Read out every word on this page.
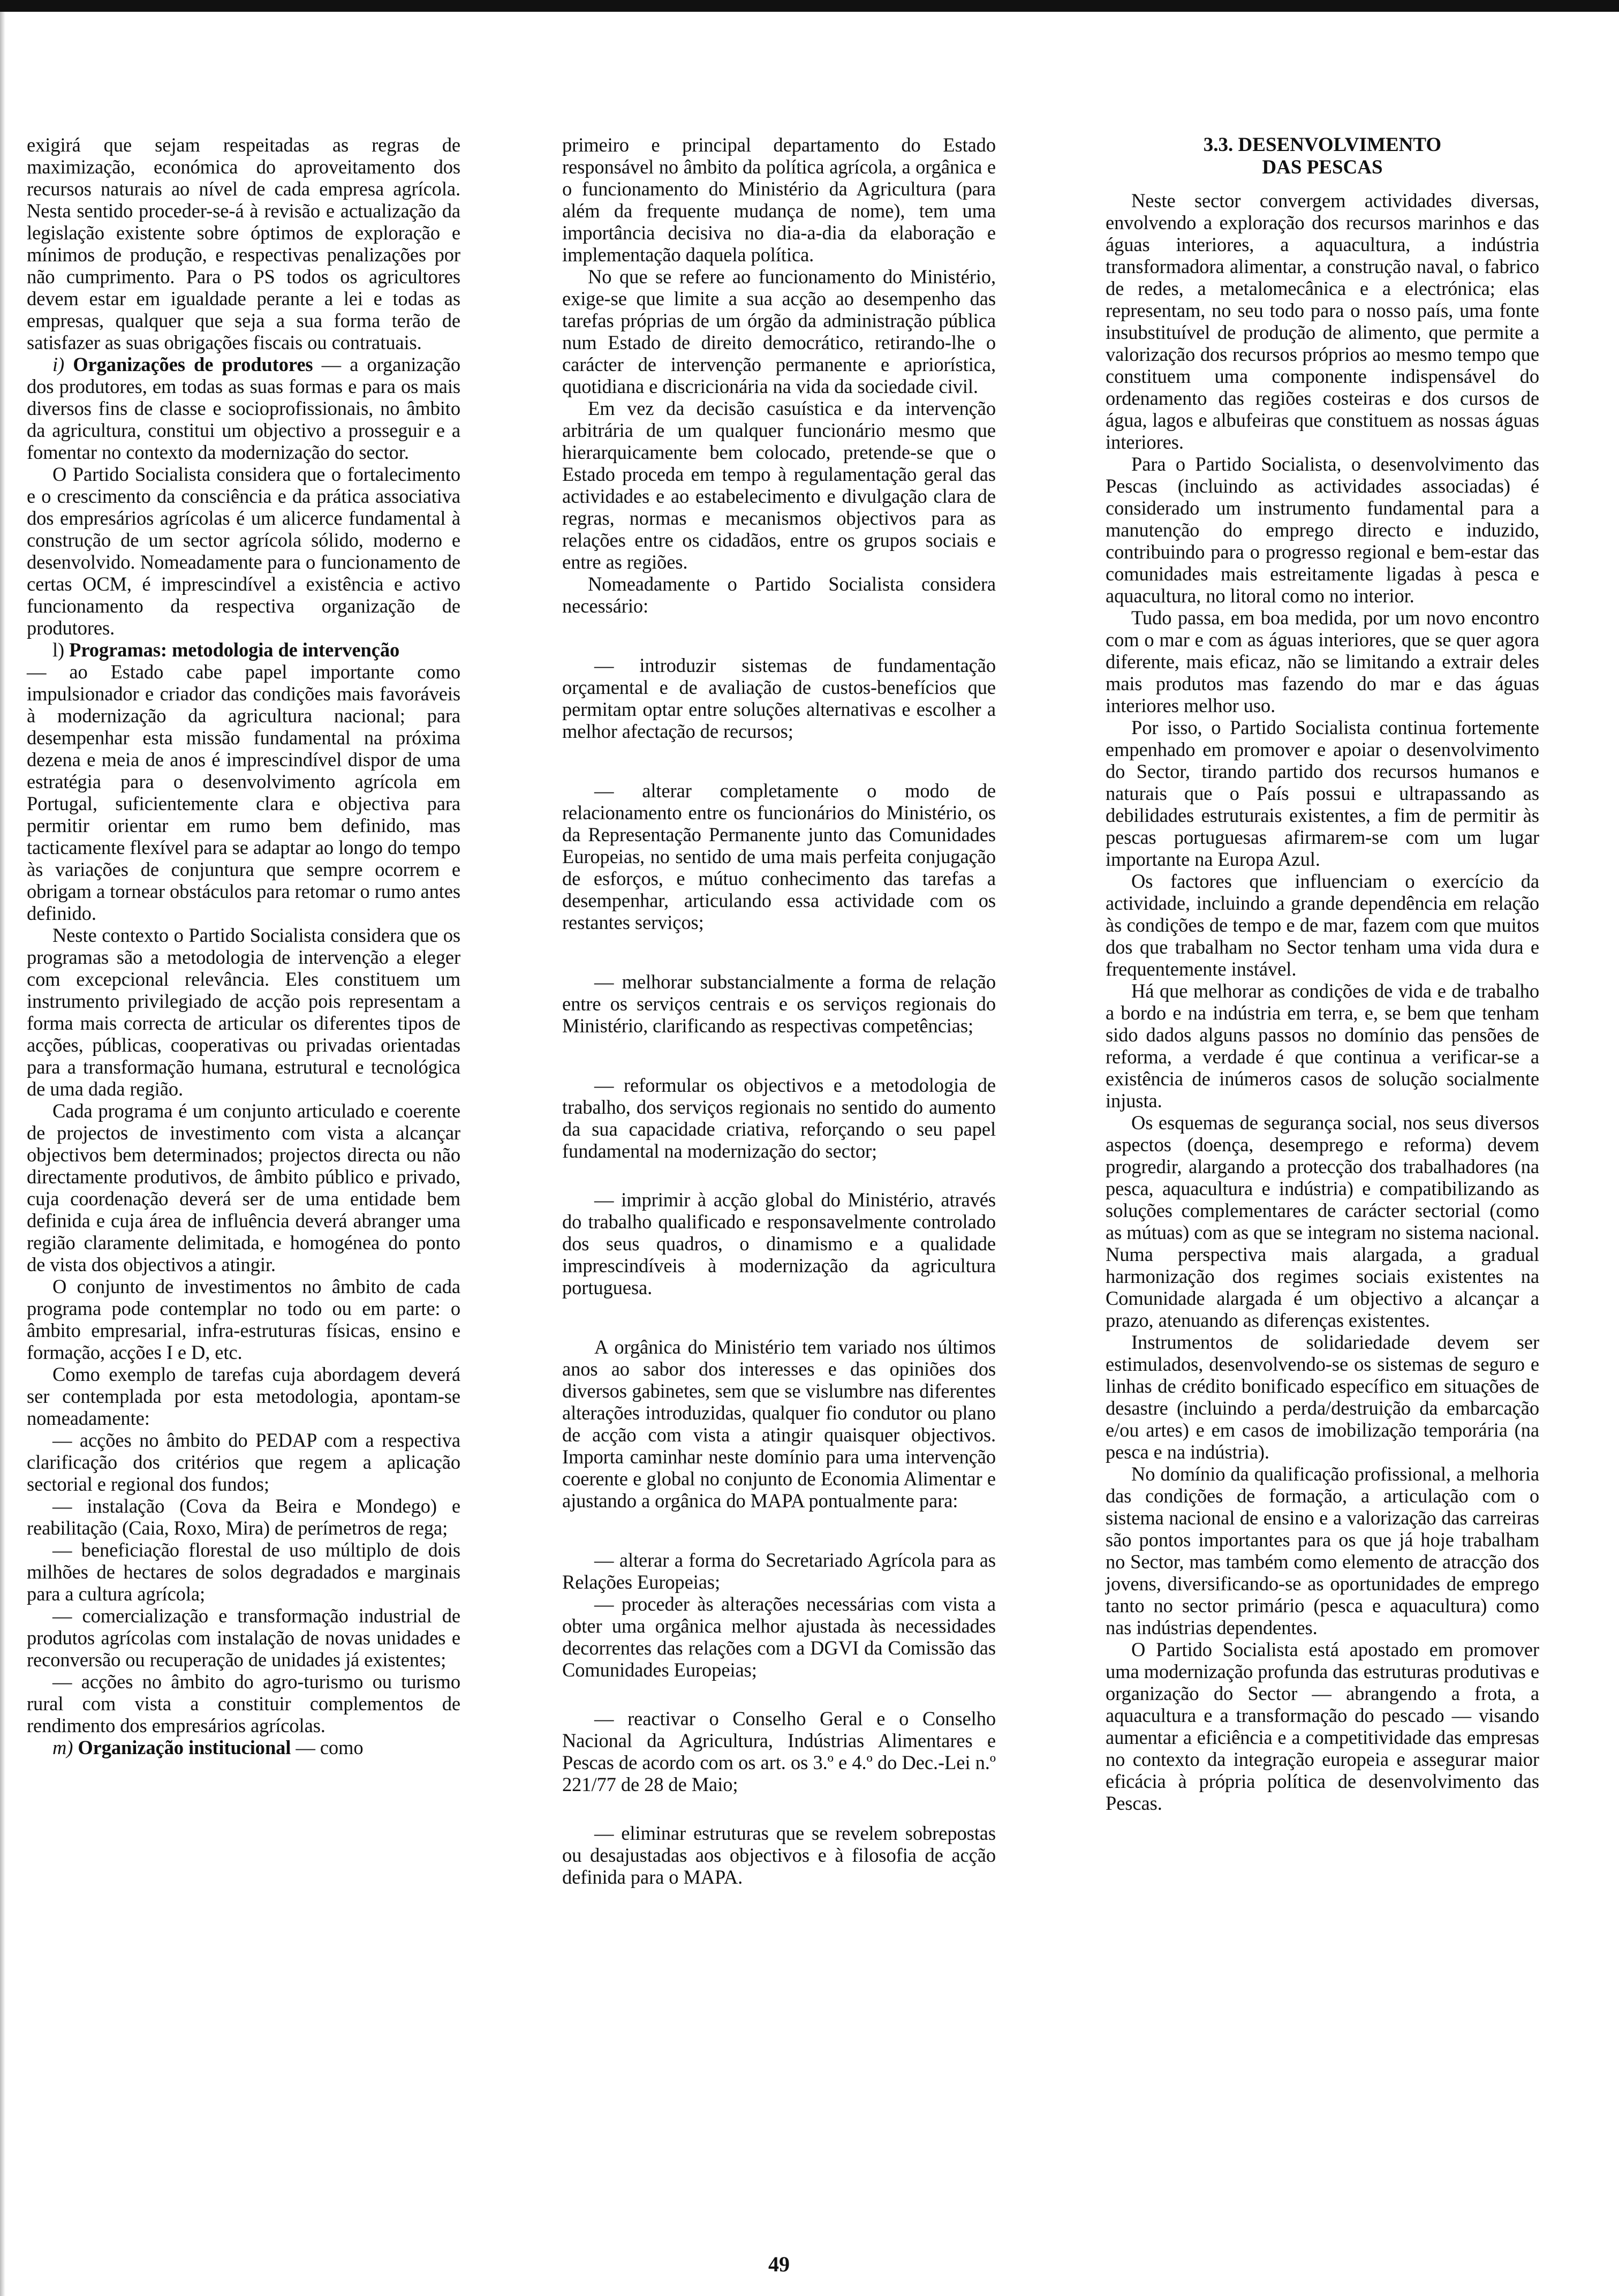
exigirá que sejam respeitadas as regras de maximização, económica do aproveitamento dos recursos naturais ao nível de cada empresa agrícola. Nesta sentido proceder-se-á à revisão e actualização da legislação existente sobre óptimos de exploração e mínimos de produção, e respectivas penalizações por não cumprimento. Para o PS todos os agricultores devem estar em igualdade perante a lei e todas as empresas, qualquer que seja a sua forma terão de satisfazer as suas obrigações fiscais ou contratuais.

i) Organizações de produtores — a organização dos produtores, em todas as suas formas e para os mais diversos fins de classe e socioprofissionais, no âmbito da agricultura, constitui um objectivo a prosseguir e a fomentar no contexto da modernização do sector.

O Partido Socialista considera que o fortalecimento e o crescimento da consciência e da prática associativa dos empresários agrícolas é um alicerce fundamental à construção de um sector agrícola sólido, moderno e desenvolvido. Nomeadamente para o funcionamento de certas OCM, é imprescindível a existência e activo funcionamento da respectiva organização de produtores.

l) Programas: metodologia de intervenção

— ao Estado cabe papel importante como impulsionador e criador das condições mais favoráveis à modernização da agricultura nacional; para desempenhar esta missão fundamental na próxima dezena e meia de anos é imprescindível dispor de uma estratégia para o desenvolvimento agrícola em Portugal, suficientemente clara e objectiva para permitir orientar em rumo bem definido, mas tacticamente flexível para se adaptar ao longo do tempo às variações de conjuntura que sempre ocorrem e obrigam a tornear obstáculos para retomar o rumo antes definido.

Neste contexto o Partido Socialista considera que os programas são a metodologia de intervenção a eleger com excepcional relevância. Eles constituem um instrumento privilegiado de acção pois representam a forma mais correcta de articular os diferentes tipos de acções, públicas, cooperativas ou privadas orientadas para a transformação humana, estrutural e tecnológica de uma dada região.

Cada programa é um conjunto articulado e coerente de projectos de investimento com vista a alcançar objectivos bem determinados; projectos directa ou não directamente produtivos, de âmbito público e privado, cuja coordenação deverá ser de uma entidade bem definida e cuja área de influência deverá abranger uma região claramente delimitada, e homogénea do ponto de vista dos objectivos a atingir.

O conjunto de investimentos no âmbito de cada programa pode contemplar no todo ou em parte: o âmbito empresarial, infra-estruturas físicas, ensino e formação, acções I e D, etc.

Como exemplo de tarefas cuja abordagem deverá ser contemplada por esta metodologia, apontam-se nomeadamente:

— acções no âmbito do PEDAP com a respectiva clarificação dos critérios que regem a aplicação sectorial e regional dos fundos;

— instalação (Cova da Beira e Mondego) e reabilitação (Caia, Roxo, Mira) de perímetros de rega;

— beneficiação florestal de uso múltiplo de dois milhões de hectares de solos degradados e marginais para a cultura agrícola;

— comercialização e transformação industrial de produtos agrícolas com instalação de novas unidades e reconversão ou recuperação de unidades já existentes;

— acções no âmbito do agro-turismo ou turismo rural com vista a constituir complementos de rendimento dos empresários agrícolas.

m) Organização institucional — como

primeiro e principal departamento do Estado responsável no âmbito da política agrícola, a orgânica e o funcionamento do Ministério da Agricultura (para além da frequente mudança de nome), tem uma importância decisiva no dia-a-dia da elaboração e implementação daquela política.

No que se refere ao funcionamento do Ministério, exige-se que limite a sua acção ao desempenho das tarefas próprias de um órgão da administração pública num Estado de direito democrático, retirando-lhe o carácter de intervenção permanente e apriorística, quotidiana e discricionária na vida da sociedade civil.

Em vez da decisão casuística e da intervenção arbitrária de um qualquer funcionário mesmo que hierarquicamente bem colocado, pretende-se que o Estado proceda em tempo à regulamentação geral das actividades e ao estabelecimento e divulgação clara de regras, normas e mecanismos objectivos para as relações entre os cidadãos, entre os grupos sociais e entre as regiões.

Nomeadamente o Partido Socialista considera necessário:

— introduzir sistemas de fundamentação orçamental e de avaliação de custos-benefícios que permitam optar entre soluções alternativas e escolher a melhor afectação de recursos;

— alterar completamente o modo de relacionamento entre os funcionários do Ministério, os da Representação Permanente junto das Comunidades Europeias, no sentido de uma mais perfeita conjugação de esforços, e mútuo conhecimento das tarefas a desempenhar, articulando essa actividade com os restantes serviços;

— melhorar substancialmente a forma de relação entre os serviços centrais e os serviços regionais do Ministério, clarificando as respectivas competências;

— reformular os objectivos e a metodologia de trabalho, dos serviços regionais no sentido do aumento da sua capacidade criativa, reforçando o seu papel fundamental na modernização do sector;

— imprimir à acção global do Ministério, através do trabalho qualificado e responsavelmente controlado dos seus quadros, o dinamismo e a qualidade imprescindíveis à modernização da agricultura portuguesa.

A orgânica do Ministério tem variado nos últimos anos ao sabor dos interesses e das opiniões dos diversos gabinetes, sem que se vislumbre nas diferentes alterações introduzidas, qualquer fio condutor ou plano de acção com vista a atingir quaisquer objectivos. Importa caminhar neste domínio para uma intervenção coerente e global no conjunto de Economia Alimentar e ajustando a orgânica do MAPA pontualmente para:

— alterar a forma do Secretariado Agrícola para as Relações Europeias;

— proceder às alterações necessárias com vista a obter uma orgânica melhor ajustada às necessidades decorrentes das relações com a DGVI da Comissão das Comunidades Europeias;

— reactivar o Conselho Geral e o Conselho Nacional da Agricultura, Indústrias Alimentares e Pescas de acordo com os art. os 3.º e 4.º do Dec.-Lei n.º 221/77 de 28 de Maio;

— eliminar estruturas que se revelem sobrepostas ou desajustadas aos objectivos e à filosofia de acção definida para o MAPA.

3.3. DESENVOLVIMENTO
DAS PESCAS

Neste sector convergem actividades diversas, envolvendo a exploração dos recursos marinhos e das águas interiores, a aquacultura, a indústria transformadora alimentar, a construção naval, o fabrico de redes, a metalomecânica e a electrónica; elas representam, no seu todo para o nosso país, uma fonte insubstituível de produção de alimento, que permite a valorização dos recursos próprios ao mesmo tempo que constituem uma componente indispensável do ordenamento das regiões costeiras e dos cursos de água, lagos e albufeiras que constituem as nossas águas interiores.

Para o Partido Socialista, o desenvolvimento das Pescas (incluindo as actividades associadas) é considerado um instrumento fundamental para a manutenção do emprego directo e induzido, contribuindo para o progresso regional e bem-estar das comunidades mais estreitamente ligadas à pesca e aquacultura, no litoral como no interior.

Tudo passa, em boa medida, por um novo encontro com o mar e com as águas interiores, que se quer agora diferente, mais eficaz, não se limitando a extrair deles mais produtos mas fazendo do mar e das águas interiores melhor uso.

Por isso, o Partido Socialista continua fortemente empenhado em promover e apoiar o desenvolvimento do Sector, tirando partido dos recursos humanos e naturais que o País possui e ultrapassando as debilidades estruturais existentes, a fim de permitir às pescas portuguesas afirmarem-se com um lugar importante na Europa Azul.

Os factores que influenciam o exercício da actividade, incluindo a grande dependência em relação às condições de tempo e de mar, fazem com que muitos dos que trabalham no Sector tenham uma vida dura e frequentemente instável.

Há que melhorar as condições de vida e de trabalho a bordo e na indústria em terra, e, se bem que tenham sido dados alguns passos no domínio das pensões de reforma, a verdade é que continua a verificar-se a existência de inúmeros casos de solução socialmente injusta.

Os esquemas de segurança social, nos seus diversos aspectos (doença, desemprego e reforma) devem progredir, alargando a protecção dos trabalhadores (na pesca, aquacultura e indústria) e compatibilizando as soluções complementares de carácter sectorial (como as mútuas) com as que se integram no sistema nacional. Numa perspectiva mais alargada, a gradual harmonização dos regimes sociais existentes na Comunidade alargada é um objectivo a alcançar a prazo, atenuando as diferenças existentes.

Instrumentos de solidariedade devem ser estimulados, desenvolvendo-se os sistemas de seguro e linhas de crédito bonificado específico em situações de desastre (incluindo a perda/destruição da embarcação e/ou artes) e em casos de imobilização temporária (na pesca e na indústria).

No domínio da qualificação profissional, a melhoria das condições de formação, a articulação com o sistema nacional de ensino e a valorização das carreiras são pontos importantes para os que já hoje trabalham no Sector, mas também como elemento de atracção dos jovens, diversificando-se as oportunidades de emprego tanto no sector primário (pesca e aquacultura) como nas indústrias dependentes.

O Partido Socialista está apostado em promover uma modernização profunda das estruturas produtivas e organização do Sector — abrangendo a frota, a aquacultura e a transformação do pescado — visando aumentar a eficiência e a competitividade das empresas no contexto da integração europeia e assegurar maior eficácia à própria política de desenvolvimento das Pescas.

49
